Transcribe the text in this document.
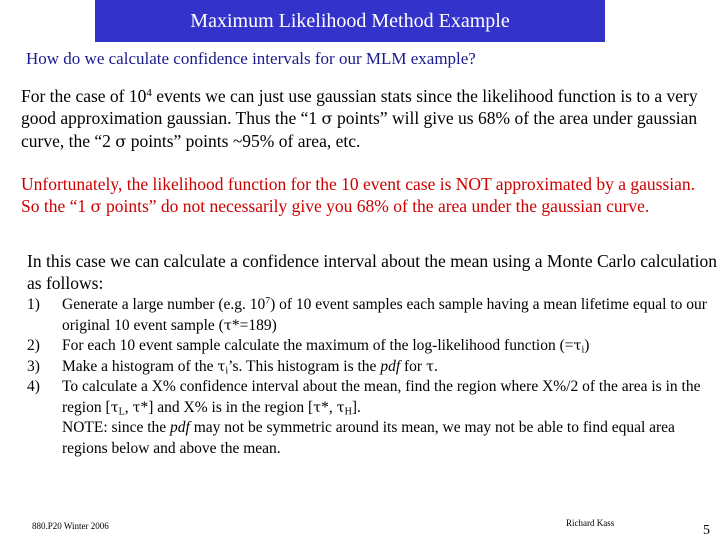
Maximum Likelihood Method Example
How do we calculate confidence intervals for our MLM example?
For the case of $10^4$ events we can just use gaussian stats since the likelihood function is to a very good approximation gaussian. Thus the “1 σ points” will give us 68% of the area under gaussian curve, the “2 σ points” points ~95% of area, etc.
Unfortunately, the likelihood function for the 10 event case is NOT approximated by a gaussian. So the “1 σ points” do not necessarily give you 68% of the area under the gaussian curve.
In this case we can calculate a confidence interval about the mean using a Monte Carlo calculation as follows:
1)	Generate a large number (e.g. $10^7$) of 10 event samples each sample having a mean lifetime equal to our original 10 event sample (τ*=189)
2)	For each 10 event sample calculate the maximum of the log-likelihood function $(=\tau_i)$
3)	Make a histogram of the $\tau_i’s$. This histogram is the pdf for τ.
4)	To calculate a X% confidence interval about the mean, find the region where X%/2 of the area is in the region [$\tau_L$, τ*] and X% is in the region [τ*, $\tau_H$].
NOTE: since the pdf may not be symmetric around its mean, we may not be able to find equal area regions below and above the mean.
880.P20 Winter 2006	Richard Kass	5
